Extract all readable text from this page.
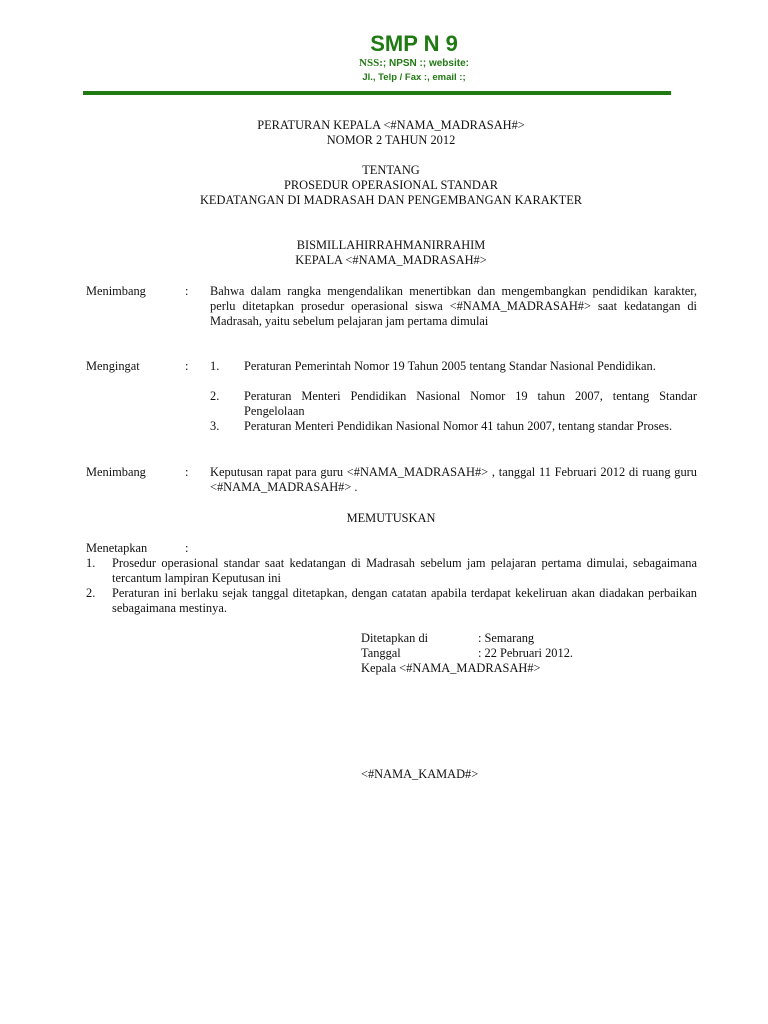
SMP N 9
NSS:; NPSN :; website:
Jl., Telp / Fax :, email :;
PERATURAN KEPALA <#NAMA_MADRASAH#>
NOMOR 2 TAHUN 2012
TENTANG
PROSEDUR OPERASIONAL STANDAR
KEDATANGAN DI MADRASAH DAN PENGEMBANGAN KARAKTER
BISMILLAHIRRAHMANIRRAHIM
KEPALA <#NAMA_MADRASAH#>
Menimbang	: Bahwa dalam rangka mengendalikan menertibkan dan mengembangkan pendidikan karakter, perlu ditetapkan prosedur operasional siswa <#NAMA_MADRASAH#> saat kedatangan di Madrasah, yaitu sebelum pelajaran jam pertama dimulai
Mengingat	: 1. Peraturan Pemerintah Nomor 19 Tahun 2005 tentang Standar Nasional Pendidikan.
2. Peraturan Menteri Pendidikan Nasional Nomor 19 tahun 2007, tentang Standar Pengelolaan
3. Peraturan Menteri Pendidikan Nasional Nomor 41 tahun 2007, tentang standar Proses.
Menimbang	: Keputusan rapat para guru <#NAMA_MADRASAH#> , tanggal 11 Februari 2012 di ruang guru <#NAMA_MADRASAH#> .
MEMUTUSKAN
Menetapkan	:
1. Prosedur operasional standar saat kedatangan di Madrasah sebelum jam pelajaran pertama dimulai, sebagaimana tercantum lampiran Keputusan ini
2. Peraturan ini berlaku sejak tanggal ditetapkan, dengan catatan apabila terdapat kekeliruan akan diadakan perbaikan sebagaimana mestinya.
Ditetapkan di	: Semarang
Tanggal	: 22 Pebruari 2012.
Kepala <#NAMA_MADRASAH#>
<#NAMA_KAMAD#>
